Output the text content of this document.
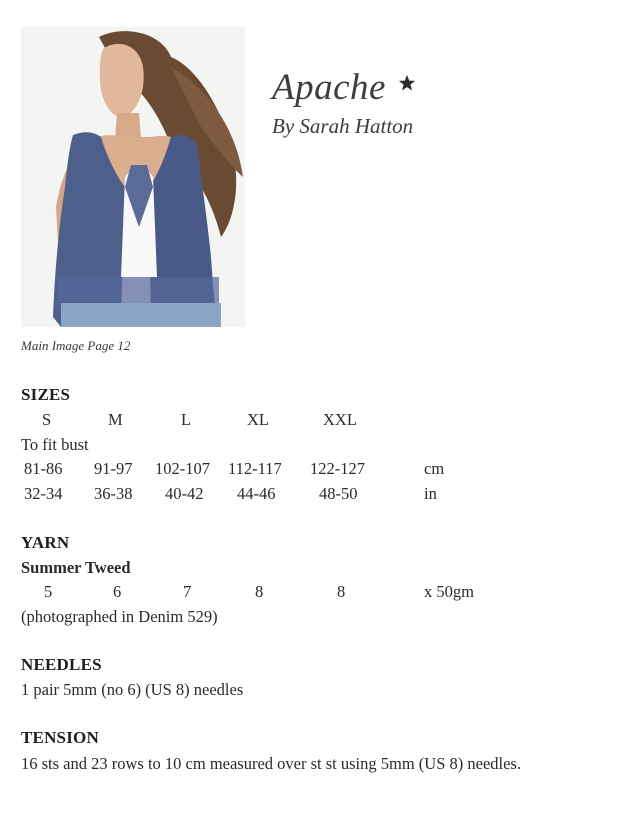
Main Image Page 12
Apache
By Sarah Hatton
SIZES
S	M	L	XL	XXL
To fit bust
81-86 91-97 102-107 112-117 122-127	cm
32-34 36-38 40-42 44-46	48-50	in
YARN
Summer Tweed
5	6	7	8	8	x 50gm
(photographed in Denim 529)
NEEDLES
1 pair 5mm (no 6) (US 8) needles
TENSION
16 sts and 23 rows to 10 cm measured over st st using 5mm (US 8) needles.
